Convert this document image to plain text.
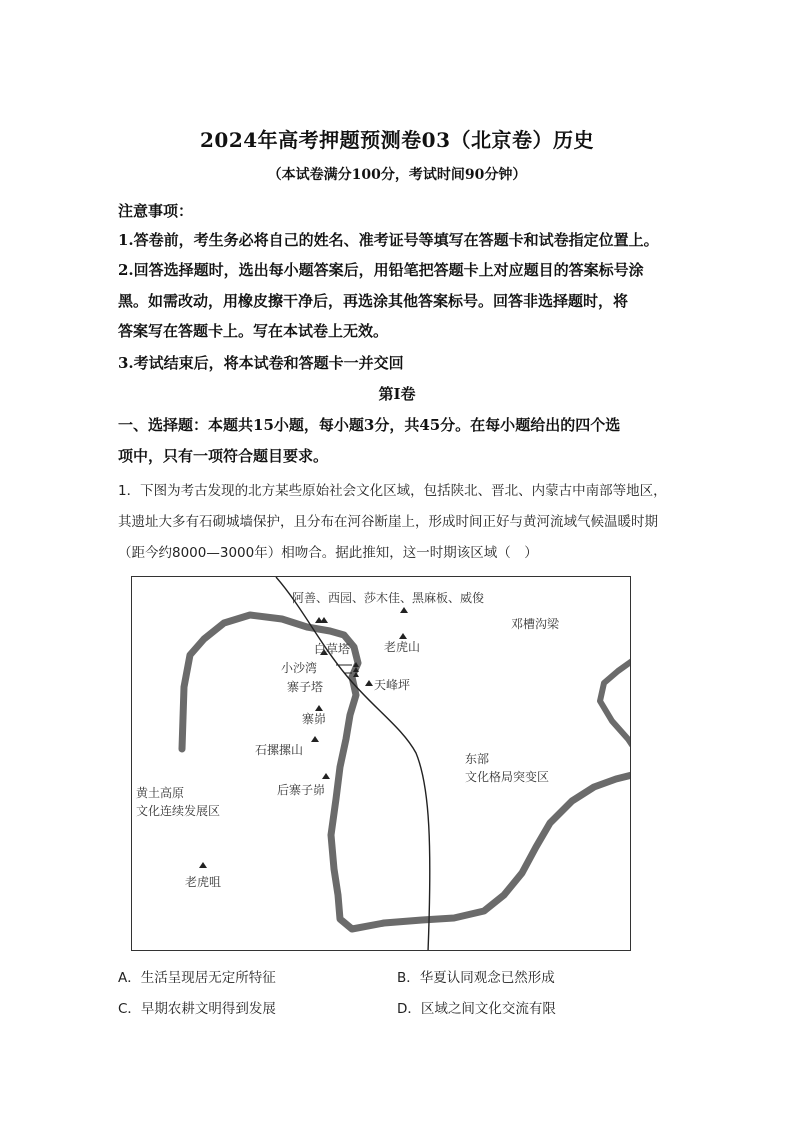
2024年高考押题预测卷03（北京卷）历史
（本试卷满分100分，考试时间90分钟）
注意事项：
1.答卷前，考生务必将自己的姓名、准考证号等填写在答题卡和试卷指定位置上。
2.回答选择题时，选出每小题答案后，用铅笔把答题卡上对应题目的答案标号涂
黑。如需改动，用橡皮擦干净后，再选涂其他答案标号。回答非选择题时，将
答案写在答题卡上。写在本试卷上无效。
3.考试结束后，将本试卷和答题卡一并交回
第Ⅰ卷
一、选择题：本题共15小题，每小题3分，共45分。在每小题给出的四个选
项中，只有一项符合题目要求。
1．下图为考古发现的北方某些原始社会文化区域，包括陕北、晋北、内蒙古中南部等地区，
其遗址大多有石砌城墙保护，且分布在河谷断崖上，形成时间正好与黄河流域气候温暖时期
（距今约8000—3000年）相吻合。据此推知，这一时期该区域（　）
阿善、西园、莎木佳、黑麻板、威俊
邓槽沟梁
白草塔	老虎山
小沙湾
寨子塔	天峰坪
寨峁
石摞摞山
后寨子峁
东部
文化格局突变区
黄土高原
文化连续发展区
老虎咀
A．生活呈现居无定所特征	B．华夏认同观念已然形成
C．早期农耕文明得到发展	D．区域之间文化交流有限
